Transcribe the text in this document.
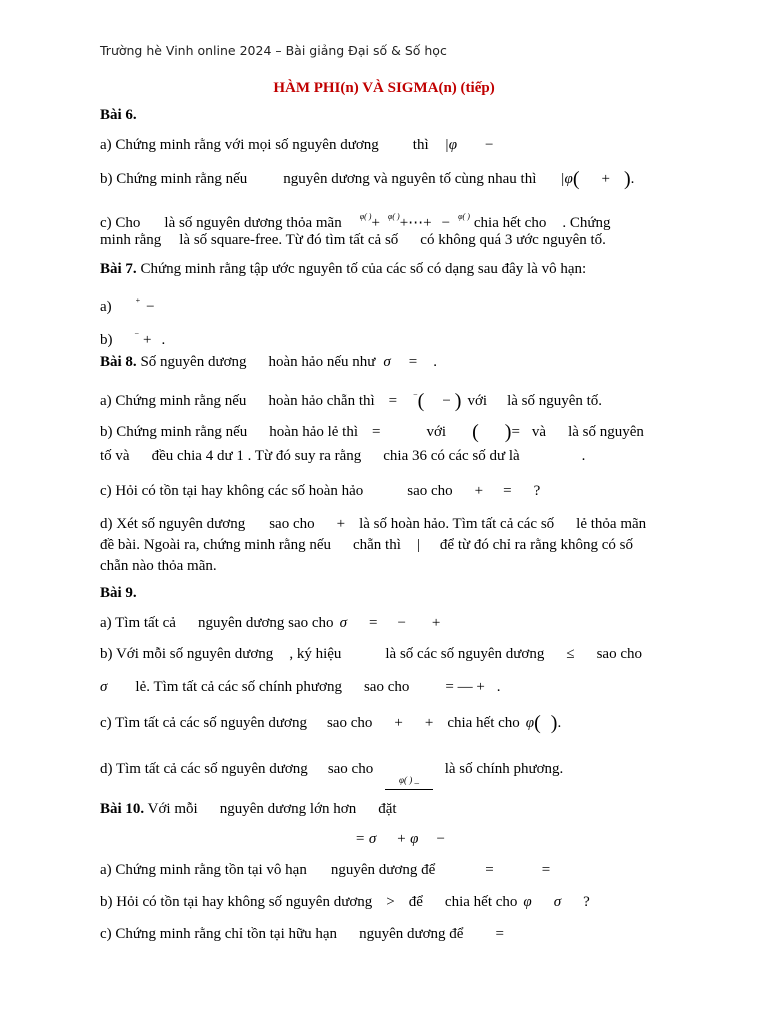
Trường hè Vinh online 2024 – Bài giảng Đại số & Số học
HÀM PHI(n) VÀ SIGMA(n) (tiếp)
Bài 6.
a) Chứng minh rằng với mọi số nguyên dương thì |φ −
b) Chứng minh rằng nếu nguyên dương và nguyên tố cùng nhau thì |φ( + ).
c) Cho là số nguyên dương thỏa mãn $^{\varphi( )}$+ $^{\varphi( )}$+⋯+ − $^{\varphi( )}$ chia hết cho . Chứng
minh rằng là số square-free. Từ đó tìm tất cả số có không quá 3 ước nguyên tố.
Bài 7. Chứng minh rằng tập ước nguyên tố của các số có dạng sau đây là vô hạn:
a)	+ −
b)	− + .
Bài 8. Số nguyên dương hoàn hảo nếu như σ = .
a) Chứng minh rằng nếu hoàn hảo chẵn thì = −( − ) với là số nguyên tố.
b) Chứng minh rằng nếu hoàn hảo lẻ thì =	với ( )= và là số nguyên
tố và đều chia 4 dư 1 . Từ đó suy ra rằng chia 36 có các số dư là	.
c) Hỏi có tồn tại hay không các số hoàn hảo	sao cho + = ?
d) Xét số nguyên dương sao cho + là số hoàn hảo. Tìm tất cả các số lẻ thỏa mãn
đề bài. Ngoài ra, chứng minh rằng nếu chẵn thì | để từ đó chỉ ra rằng không có số
chẵn nào thỏa mãn.
Bài 9.
a) Tìm tất cả nguyên dương sao cho σ = − +
b) Với mỗi số nguyên dương , ký hiệu	là số các số nguyên dương ≤ sao cho
σ lẻ. Tìm tất cả các số chính phương sao cho = — + .
c) Tìm tất cả các số nguyên dương sao cho + + chia hết cho φ( ).
d) Tìm tất cả các số nguyên dương sao cho
φ( ) _
là số chính phương.
Bài 10. Với mỗi nguyên dương lớn hơn đặt
= σ + φ −
a) Chứng minh rằng tồn tại vô hạn nguyên dương để	=	=
b) Hỏi có tồn tại hay không số nguyên dương > để chia hết cho φ σ ?
c) Chứng minh rằng chỉ tồn tại hữu hạn nguyên dương để =
